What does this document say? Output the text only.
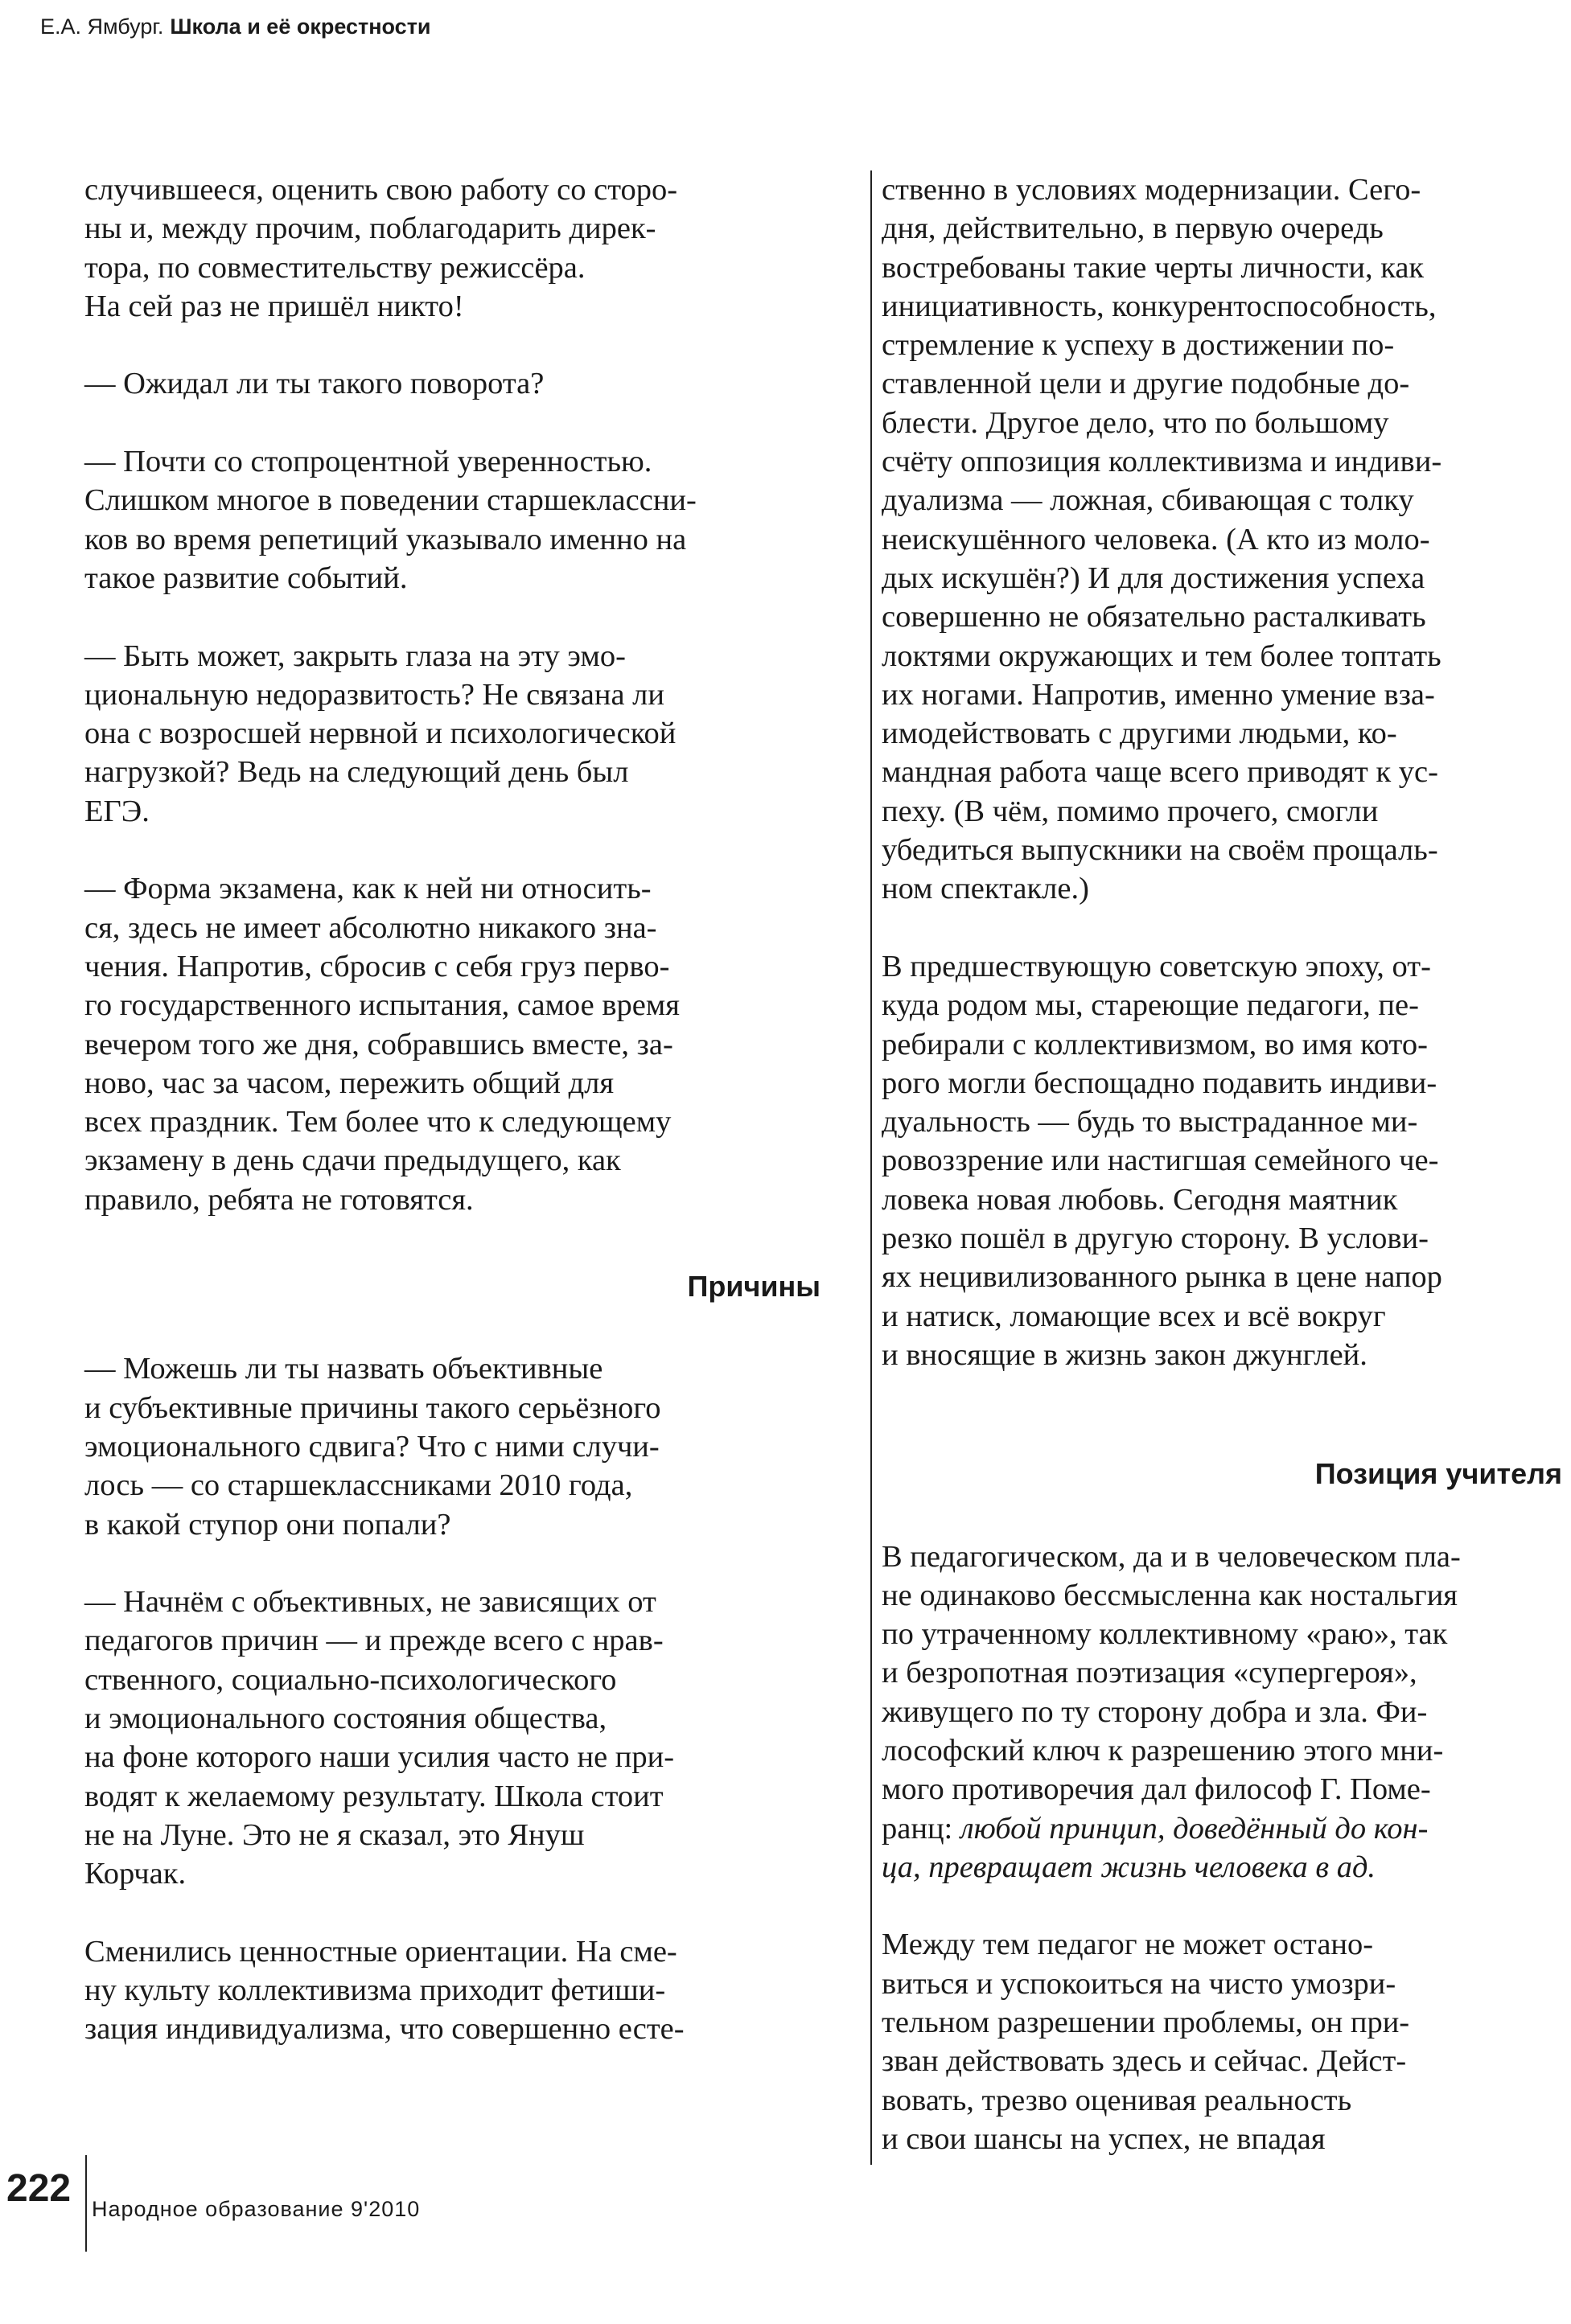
Е.А. Ямбург. Школа и её окрестности
случившееся, оценить свою работу со сторо-
ны и, между прочим, поблагодарить дирек-
тора, по совместительству режиссёра.
На сей раз не пришёл никто!
— Ожидал ли ты такого поворота?
— Почти со стопроцентной уверенностью.
Слишком многое в поведении старшеклассни-
ков во время репетиций указывало именно на
такое развитие событий.
— Быть может, закрыть глаза на эту эмо-
циональную недоразвитость? Не связана ли
она с возросшей нервной и психологической
нагрузкой? Ведь на следующий день был
ЕГЭ.
— Форма экзамена, как к ней ни относить-
ся, здесь не имеет абсолютно никакого зна-
чения. Напротив, сбросив с себя груз перво-
го государственного испытания, самое время
вечером того же дня, собравшись вместе, за-
ново, час за часом, пережить общий для
всех праздник. Тем более что к следующему
экзамену в день сдачи предыдущего, как
правило, ребята не готовятся.
Причины
— Можешь ли ты назвать объективные
и субъективные причины такого серьёзного
эмоционального сдвига? Что с ними случи-
лось — со старшеклассниками 2010 года,
в какой ступор они попали?
— Начнём с объективных, не зависящих от
педагогов причин — и прежде всего с нрав-
ственного, социально-психологического
и эмоционального состояния общества,
на фоне которого наши усилия часто не при-
водят к желаемому результату. Школа стоит
не на Луне. Это не я сказал, это Януш
Корчак.
Сменились ценностные ориентации. На сме-
ну культу коллективизма приходит фетиши-
зация индивидуализма, что совершенно есте-
ственно в условиях модернизации. Сего-
дня, действительно, в первую очередь
востребованы такие черты личности, как
инициативность, конкурентоспособность,
стремление к успеху в достижении по-
ставленной цели и другие подобные до-
блести. Другое дело, что по большому
счёту оппозиция коллективизма и индиви-
дуализма — ложная, сбивающая с толку
неискушённого человека. (А кто из моло-
дых искушён?) И для достижения успеха
совершенно не обязательно расталкивать
локтями окружающих и тем более топтать
их ногами. Напротив, именно умение вза-
имодействовать с другими людьми, ко-
мандная работа чаще всего приводят к ус-
пеху. (В чём, помимо прочего, смогли
убедиться выпускники на своём прощаль-
ном спектакле.)
В предшествующую советскую эпоху, от-
куда родом мы, стареющие педагоги, пе-
ребирали с коллективизмом, во имя кото-
рого могли беспощадно подавить индиви-
дуальность — будь то выстраданное ми-
ровоззрение или настигшая семейного че-
ловека новая любовь. Сегодня маятник
резко пошёл в другую сторону. В услови-
ях нецивилизованного рынка в цене напор
и натиск, ломающие всех и всё вокруг
и вносящие в жизнь закон джунглей.
Позиция учителя
В педагогическом, да и в человеческом пла-
не одинаково бессмысленна как ностальгия
по утраченному коллективному «раю», так
и безропотная поэтизация «супергероя»,
живущего по ту сторону добра и зла. Фи-
лософский ключ к разрешению этого мни-
мого противоречия дал философ Г. Поме-
ранц: любой принцип, доведённый до кон-
ца, превращает жизнь человека в ад.
Между тем педагог не может остано-
виться и успокоиться на чисто умозри-
тельном разрешении проблемы, он при-
зван действовать здесь и сейчас. Дейст-
вовать, трезво оценивая реальность
и свои шансы на успех, не впадая
222 Народное образование 9'2010
